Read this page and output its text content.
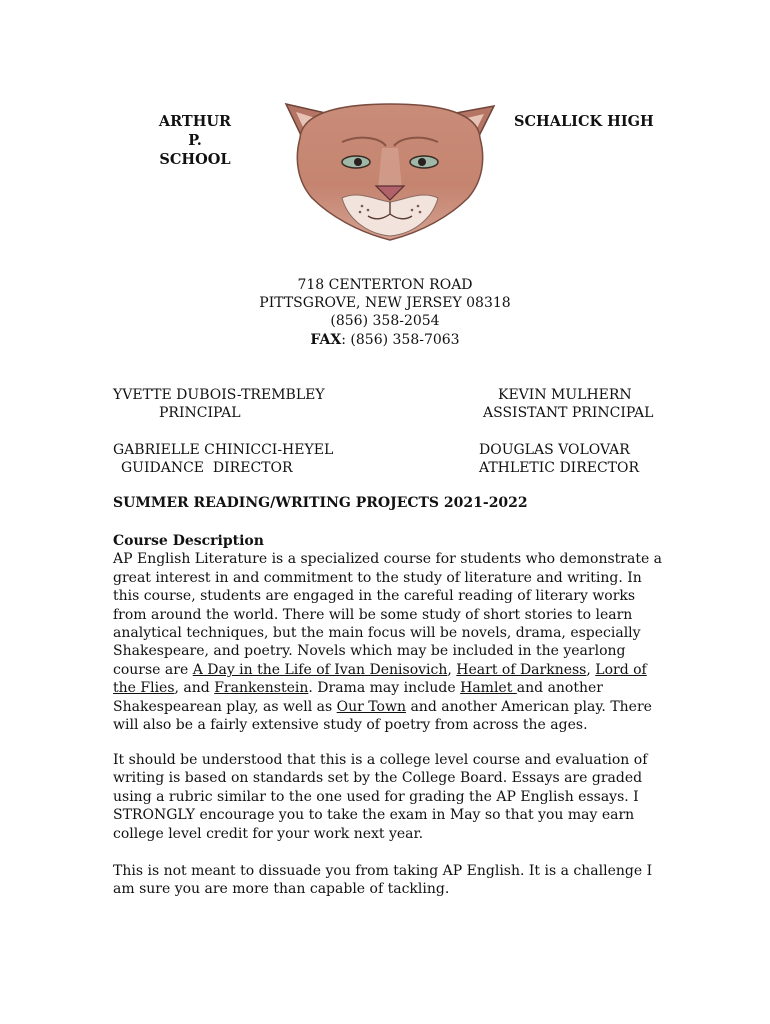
ARTHUR P.
SCHOOL
SCHALICK HIGH
718 CENTERTON ROAD
PITTSGROVE, NEW JERSEY 08318
(856) 358-2054
FAX: (856) 358-7063
YVETTE DUBOIS-TREMBLEY
PRINCIPAL
KEVIN MULHERN
ASSISTANT PRINCIPAL
GABRIELLE CHINICCI-HEYEL
GUIDANCE  DIRECTOR
DOUGLAS VOLOVAR
ATHLETIC DIRECTOR
SUMMER READING/WRITING PROJECTS 2021-2022

Course Description

AP English Literature is a specialized course for students who demonstrate a great interest in and commitment to the study of literature and writing. In this course, students are engaged in the careful reading of literary works from around the world. There will be some study of short stories to learn analytical techniques, but the main focus will be novels, drama, especially Shakespeare, and poetry. Novels which may be included in the yearlong course are A Day in the Life of Ivan Denisovich, Heart of Darkness, Lord of the Flies, and Frankenstein. Drama may include Hamlet and another Shakespearean play, as well as Our Town and another American play. There will also be a fairly extensive study of poetry from across the ages.

It should be understood that this is a college level course and evaluation of writing is based on standards set by the College Board. Essays are graded using a rubric similar to the one used for grading the AP English essays. I STRONGLY encourage you to take the exam in May so that you may earn college level credit for your work next year.
This is not meant to dissuade you from taking AP English. It is a challenge I am sure you are more than capable of tackling.
